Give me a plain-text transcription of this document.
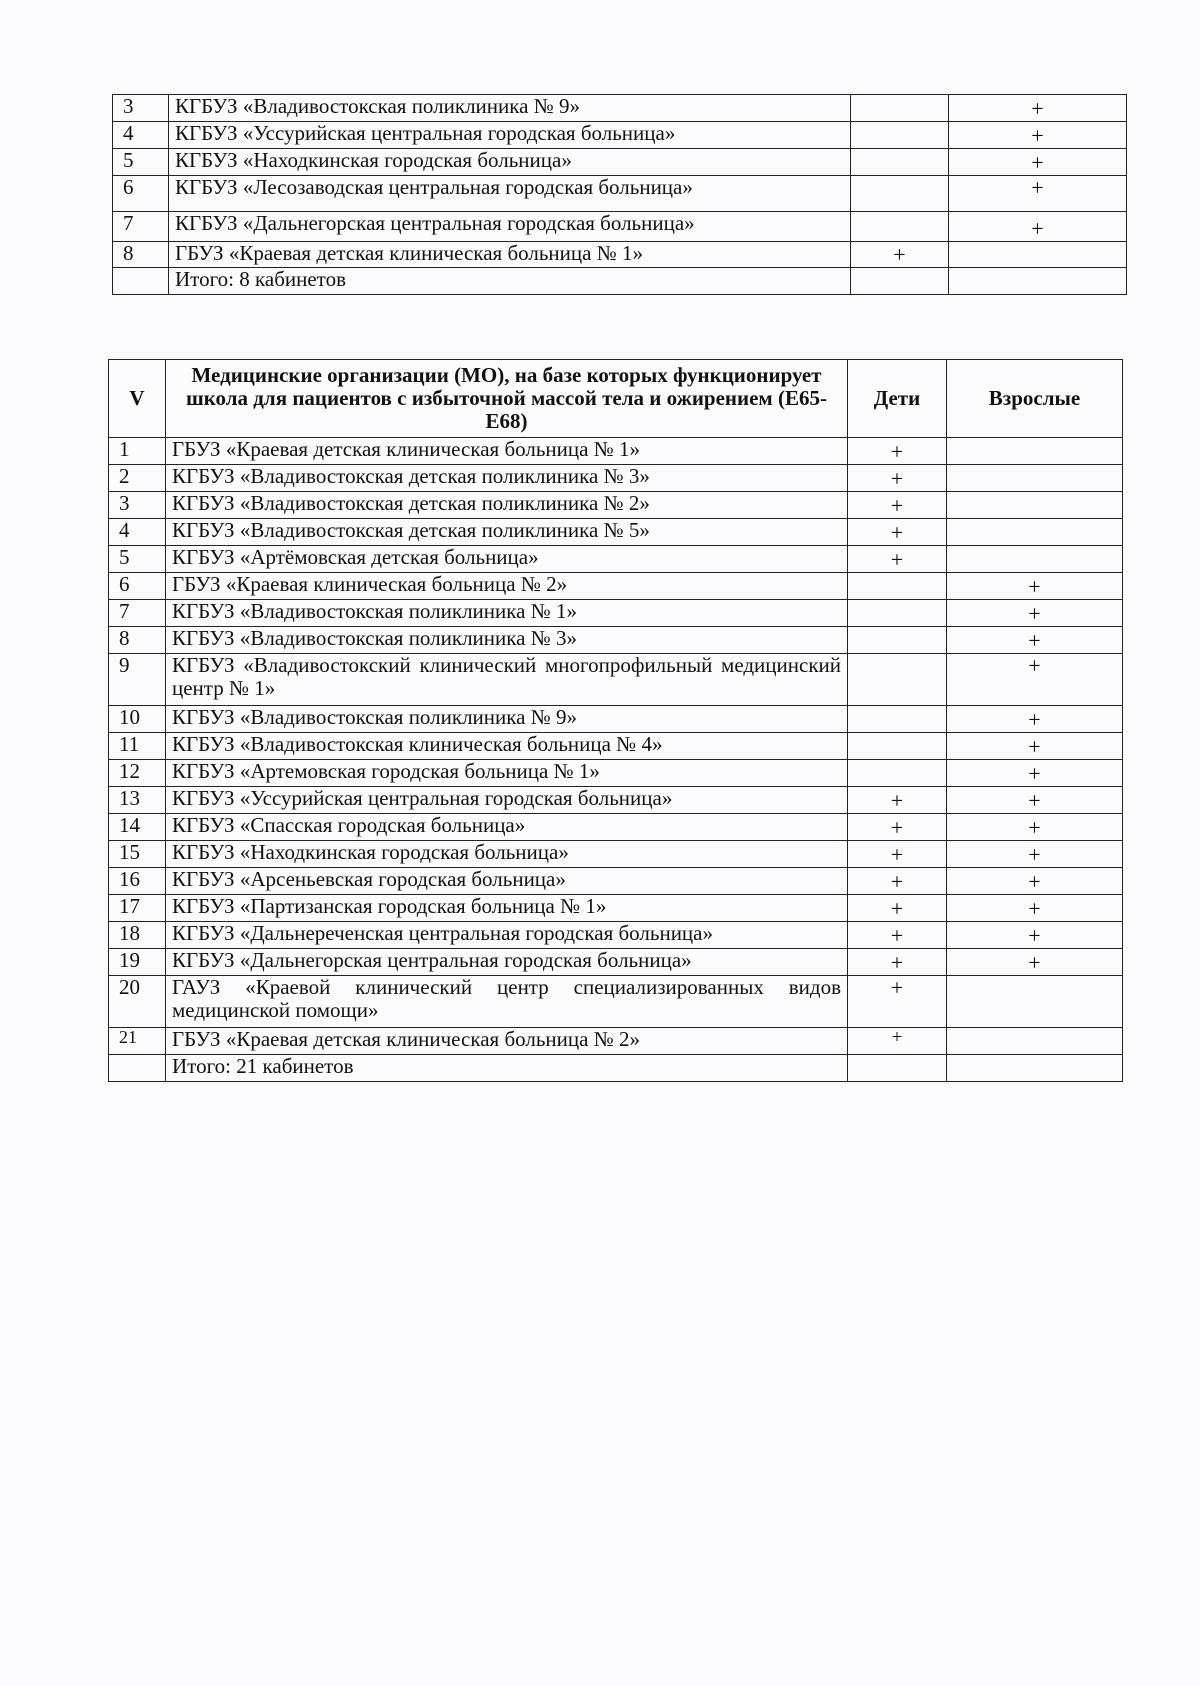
3	КГБУЗ «Владивостокская поликлиника № 9»		+
4	КГБУЗ «Уссурийская центральная городская больница»		+
5	КГБУЗ «Находкинская городская больница»		+
6	КГБУЗ «Лесозаводская центральная городская больница»		+
7	КГБУЗ «Дальнегорская центральная городская больница»		+
8	ГБУЗ «Краевая детская клиническая больница № 1»	+	
	Итого: 8 кабинетов		
V	Медицинские организации (МО), на базе которых функционирует школа для пациентов с избыточной массой тела и ожирением (E65-E68)	Дети	Взрослые
1	ГБУЗ «Краевая детская клиническая больница № 1»	+	
2	КГБУЗ «Владивостокская детская поликлиника № 3»	+	
3	КГБУЗ «Владивостокская детская поликлиника № 2»	+	
4	КГБУЗ «Владивостокская детская поликлиника № 5»	+	
5	КГБУЗ «Артёмовская детская больница»	+	
6	ГБУЗ «Краевая клиническая больница № 2»		+
7	КГБУЗ «Владивостокская поликлиника № 1»		+
8	КГБУЗ «Владивостокская поликлиника № 3»		+
9	КГБУЗ «Владивостокский клинический многопрофильный медицинский центр № 1»		+
10	КГБУЗ «Владивостокская поликлиника № 9»		+
11	КГБУЗ «Владивостокская клиническая больница № 4»		+
12	КГБУЗ «Артемовская городская больница № 1»		+
13	КГБУЗ «Уссурийская центральная городская больница»	+	+
14	КГБУЗ «Спасская городская больница»	+	+
15	КГБУЗ «Находкинская городская больница»	+	+
16	КГБУЗ «Арсеньевская городская больница»	+	+
17	КГБУЗ «Партизанская городская больница № 1»	+	+
18	КГБУЗ «Дальнереченская центральная городская больница»	+	+
19	КГБУЗ «Дальнегорская центральная городская больница»	+	+
20	ГАУЗ «Краевой клинический центр специализированных видов медицинской помощи»	+	
21	ГБУЗ «Краевая детская клиническая больница № 2»	+	
	Итого: 21 кабинетов		
